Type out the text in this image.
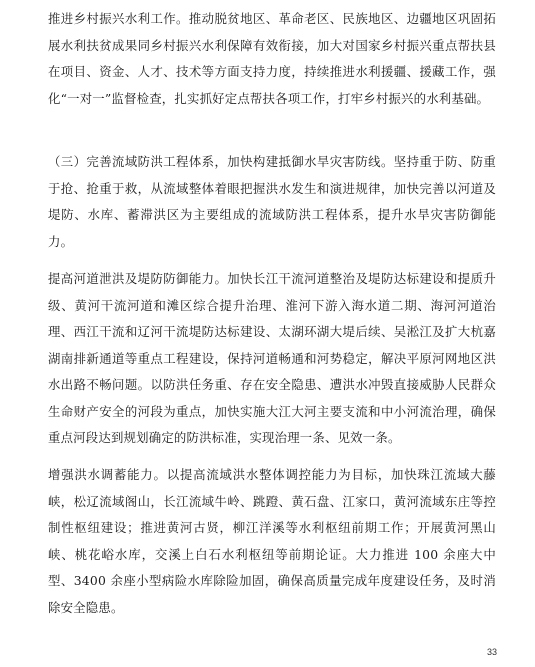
推进乡村振兴水利工作。推动脱贫地区、革命老区、民族地区、边疆地区巩固拓展水利扶贫成果同乡村振兴水利保障有效衔接，加大对国家乡村振兴重点帮扶县在项目、资金、人才、技术等方面支持力度，持续推进水利援疆、援藏工作，强化“一对一”监督检查，扎实抓好定点帮扶各项工作，打牢乡村振兴的水利基础。

（三）完善流域防洪工程体系，加快构建抵御水旱灾害防线。坚持重于防、防重于抢、抢重于救，从流域整体着眼把握洪水发生和演进规律，加快完善以河道及堤防、水库、蓄滞洪区为主要组成的流域防洪工程体系，提升水旱灾害防御能力。

提高河道泄洪及堤防防御能力。加快长江干流河道整治及堤防达标建设和提质升级、黄河干流河道和滩区综合提升治理、淮河下游入海水道二期、海河河道治理、西江干流和辽河干流堤防达标建设、太湖环湖大堤后续、吴淞江及扩大杭嘉湖南排新通道等重点工程建设，保持河道畅通和河势稳定，解决平原河网地区洪水出路不畅问题。以防洪任务重、存在安全隐患、遭洪水冲毁直接威胁人民群众生命财产安全的河段为重点，加快实施大江大河主要支流和中小河流治理，确保重点河段达到规划确定的防洪标准，实现治理一条、见效一条。

增强洪水调蓄能力。以提高流域洪水整体调控能力为目标，加快珠江流域大藤峡，松辽流域阁山，长江流域牛岭、跳蹬、黄石盘、江家口，黄河流域东庄等控制性枢纽建设；推进黄河古贤，柳江洋溪等水利枢纽前期工作；开展黄河黑山峡、桃花峪水库，交溪上白石水利枢纽等前期论证。大力推进 100 余座大中型、3400 余座小型病险水库除险加固，确保高质量完成年度建设任务，及时消除安全隐患。

33
